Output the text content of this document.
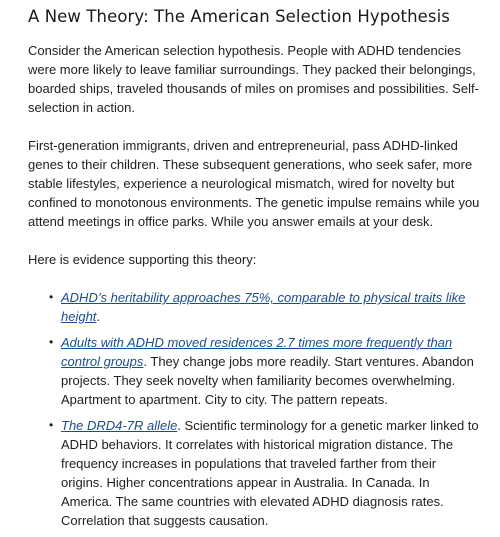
A New Theory: The American Selection Hypothesis

Consider the American selection hypothesis. People with ADHD tendencies were more likely to leave familiar surroundings. They packed their belongings, boarded ships, traveled thousands of miles on promises and possibilities. Self-selection in action.

First-generation immigrants, driven and entrepreneurial, pass ADHD-linked genes to their children. These subsequent generations, who seek safer, more stable lifestyles, experience a neurological mismatch, wired for novelty but confined to monotonous environments. The genetic impulse remains while you attend meetings in office parks. While you answer emails at your desk.

Here is evidence supporting this theory:

• ADHD’s heritability approaches 75%, comparable to physical traits like height.
• Adults with ADHD moved residences 2.7 times more frequently than control groups. They change jobs more readily. Start ventures. Abandon projects. They seek novelty when familiarity becomes overwhelming. Apartment to apartment. City to city. The pattern repeats.
• The DRD4-7R allele. Scientific terminology for a genetic marker linked to ADHD behaviors. It correlates with historical migration distance. The frequency increases in populations that traveled farther from their origins. Higher concentrations appear in Australia. In Canada. In America. The same countries with elevated ADHD diagnosis rates. Correlation that suggests causation.
